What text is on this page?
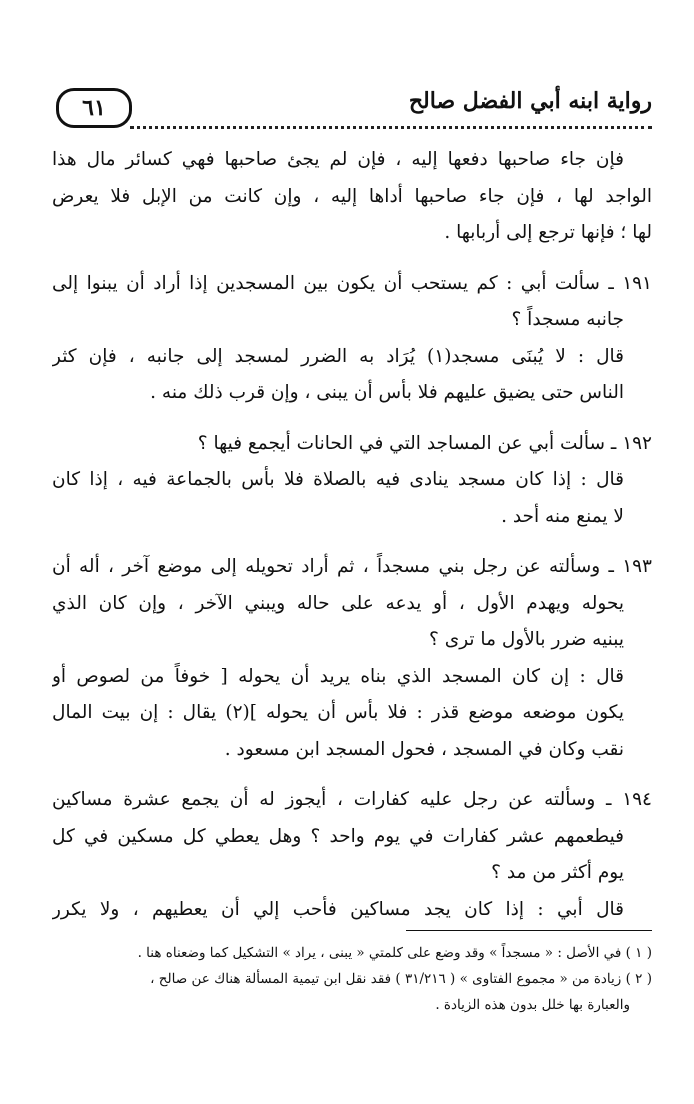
رواية ابنه أبي الفضل صالح
٦١

فإن جاء صاحبها دفعها إليه ، فإن لم يجئ صاحبها فهي كسائر مال هذا

الواجد لها ، فإن جاء صاحبها أداها إليه ، وإن كانت من الإبل فلا يعرض

لها ؛ فإنها ترجع إلى أربابها .

١٩١ ـ سألت أبي : كم يستحب أن يكون بين المسجدين إذا أراد أن يبنوا إلى

جانبه مسجداً ؟

قال : لا يُبنَى مسجد(١) يُرَاد به الضرر لمسجد إلى جانبه ، فإن كثر

الناس حتى يضيق عليهم فلا بأس أن يبنى ، وإن قرب ذلك منه .

١٩٢ ـ سألت أبي عن المساجد التي في الحانات أيجمع فيها ؟

قال : إذا كان مسجد ينادى فيه بالصلاة فلا بأس بالجماعة فيه ، إذا كان

لا يمنع منه أحد .

١٩٣ ـ وسألته عن رجل بني مسجداً ، ثم أراد تحويله إلى موضع آخر ، أله أن

يحوله ويهدم الأول ، أو يدعه على حاله ويبني الآخر ، وإن كان الذي

يبنيه ضرر بالأول ما ترى ؟

قال : إن كان المسجد الذي بناه يريد أن يحوله [ خوفاً من لصوص أو

يكون موضعه موضع قذر : فلا بأس أن يحوله ](٢) يقال : إن بيت المال

نقب وكان في المسجد ، فحول المسجد ابن مسعود .

١٩٤ ـ وسألته عن رجل عليه كفارات ، أيجوز له أن يجمع عشرة مساكين

فيطعمهم عشر كفارات في يوم واحد ؟ وهل يعطي كل مسكين في كل

يوم أكثر من مد ؟

قال أبي : إذا كان يجد مساكين فأحب إلي أن يعطيهم ، ولا يكرر

( ١ ) في الأصل : « مسجداً » وقد وضع على كلمتي « يبنى ، يراد » التشكيل كما وضعناه هنا .

( ٢ ) زيادة من « مجموع الفتاوى » ( ٣١/٢١٦ ) فقد نقل ابن تيمية المسألة هناك عن صالح ،

والعبارة بها خلل بدون هذه الزيادة .
